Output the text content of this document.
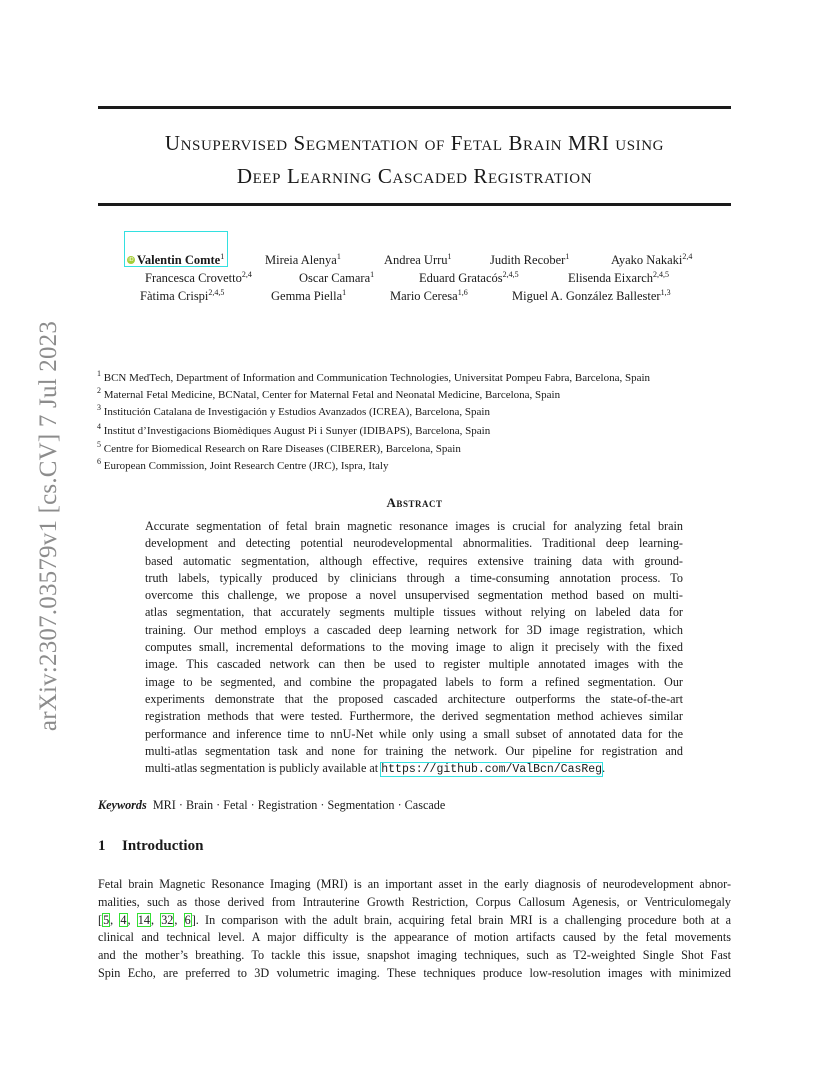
arXiv:2307.03579v1 [cs.CV] 7 Jul 2023
Unsupervised Segmentation of Fetal Brain MRI using
Deep Learning Cascaded Registration
iD Valentin Comte$^1$	Mireia Alenya$^1$	Andrea Urru$^1$	Judith Recober$^1$	Ayako Nakaki$^{2,4}$
Francesca Crovetto$^{2,4}$	Oscar Camara$^1$	Eduard Gratacós$^{2,4,5}$	Elisenda Eixarch$^{2,4,5}$
Fàtima Crispi$^{2,4,5}$	Gemma Piella$^1$	Mario Ceresa$^{1,6}$	Miguel A. González Ballester$^{1,3}$
$^1$ BCN MedTech, Department of Information and Communication Technologies, Universitat Pompeu Fabra, Barcelona, Spain
$^2$ Maternal Fetal Medicine, BCNatal, Center for Maternal Fetal and Neonatal Medicine, Barcelona, Spain
$^3$ Institución Catalana de Investigación y Estudios Avanzados (ICREA), Barcelona, Spain
$^4$ Institut d’Investigacions Biomèdiques August Pi i Sunyer (IDIBAPS), Barcelona, Spain
$^5$ Centre for Biomedical Research on Rare Diseases (CIBERER), Barcelona, Spain
$^6$ European Commission, Joint Research Centre (JRC), Ispra, Italy
Abstract
Accurate segmentation of fetal brain magnetic resonance images is crucial for analyzing fetal brain
development and detecting potential neurodevelopmental abnormalities. Traditional deep learning-
based automatic segmentation, although effective, requires extensive training data with ground-
truth labels, typically produced by clinicians through a time-consuming annotation process. To
overcome this challenge, we propose a novel unsupervised segmentation method based on multi-
atlas segmentation, that accurately segments multiple tissues without relying on labeled data for
training. Our method employs a cascaded deep learning network for 3D image registration, which
computes small, incremental deformations to the moving image to align it precisely with the fixed
image. This cascaded network can then be used to register multiple annotated images with the
image to be segmented, and combine the propagated labels to form a refined segmentation. Our
experiments demonstrate that the proposed cascaded architecture outperforms the state-of-the-art
registration methods that were tested. Furthermore, the derived segmentation method achieves similar
performance and inference time to nnU-Net while only using a small subset of annotated data for the
multi-atlas segmentation task and none for training the network. Our pipeline for registration and
multi-atlas segmentation is publicly available at https://github.com/ValBcn/CasReg.
Keywords MRI · Brain · Fetal · Registration · Segmentation · Cascade
1 Introduction
Fetal brain Magnetic Resonance Imaging (MRI) is an important asset in the early diagnosis of neurodevelopment abnor-
malities, such as those derived from Intrauterine Growth Restriction, Corpus Callosum Agenesis, or Ventriculomegaly
[5, 4, 14, 32, 6]. In comparison with the adult brain, acquiring fetal brain MRI is a challenging procedure both at a
clinical and technical level. A major difficulty is the appearance of motion artifacts caused by the fetal movements
and the mother’s breathing. To tackle this issue, snapshot imaging techniques, such as T2-weighted Single Shot Fast
Spin Echo, are preferred to 3D volumetric imaging. These techniques produce low-resolution images with minimized
